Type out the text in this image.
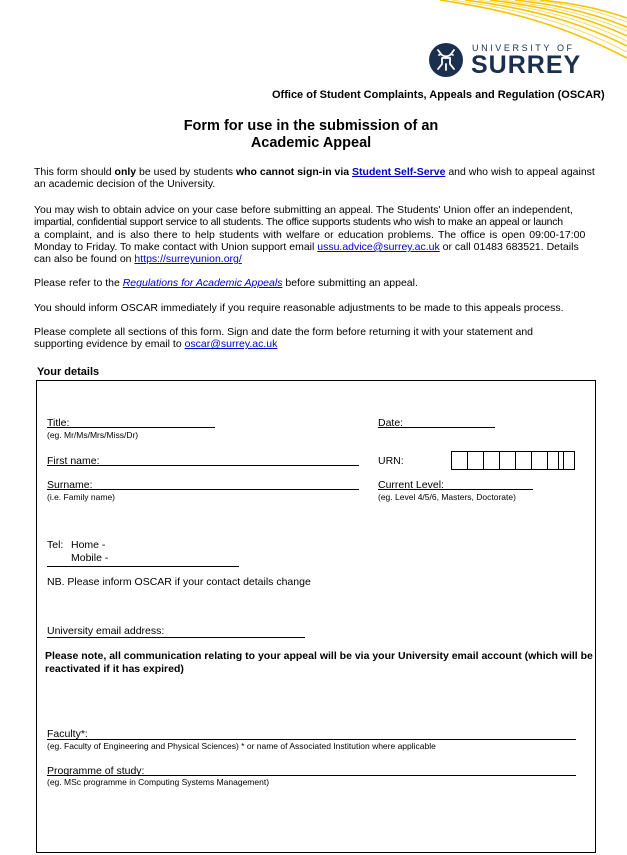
UNIVERSITY OF
SURREY
Office of Student Complaints, Appeals and Regulation (OSCAR)
Form for use in the submission of an
Academic Appeal
This form should only be used by students who cannot sign-in via Student Self-Serve and who wish to appeal against
an academic decision of the University.
You may wish to obtain advice on your case before submitting an appeal. The Students' Union offer an independent,
impartial, confidential support service to all students. The office supports students who wish to make an appeal or launch
a complaint, and is also there to help students with welfare or education problems. The office is open 09:00-17:00
Monday to Friday. To make contact with Union support email ussu.advice@surrey.ac.uk or call 01483 683521. Details
can also be found on https://surreyunion.org/
Please refer to the Regulations for Academic Appeals before submitting an appeal.
You should inform OSCAR immediately if you require reasonable adjustments to be made to this appeals process.
Please complete all sections of this form. Sign and date the form before returning it with your statement and
supporting evidence by email to oscar@surrey.ac.uk
Your details
Title:
(eg. Mr/Ms/Mrs/Miss/Dr)
Date:
First name:	URN:
Surname:
(i.e. Family name)
Current Level:
(eg. Level 4/5/6, Masters, Doctorate)
Tel: Home -
Mobile -
NB. Please inform OSCAR if your contact details change
University email address:
Please note, all communication relating to your appeal will be via your University email account (which will be reactivated if it has expired)
Faculty*:
(eg. Faculty of Engineering and Physical Sciences) * or name of Associated Institution where applicable
Programme of study:
(eg. MSc programme in Computing Systems Management)
